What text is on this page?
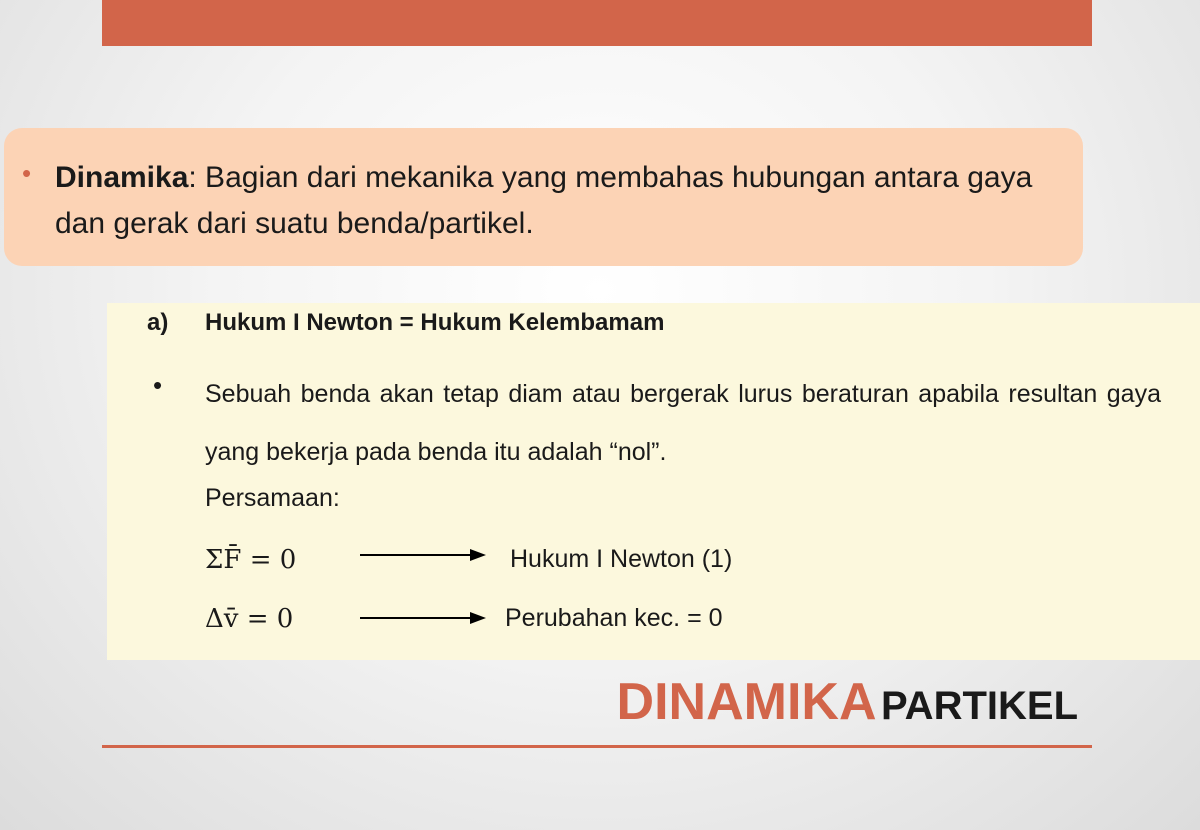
• Dinamika: Bagian dari mekanika yang membahas hubungan antara gaya dan gerak dari suatu benda/partikel.
a) Hukum I Newton = Hukum Kelembamam
• Sebuah benda akan tetap diam atau bergerak lurus beraturan apabila resultan gaya yang bekerja pada benda itu adalah “nol”.
Persamaan:
ΣF̄ = 0	Hukum I Newton (1)
Δv̄ = 0	Perubahan kec. = 0
DINAMIKA PARTIKEL
